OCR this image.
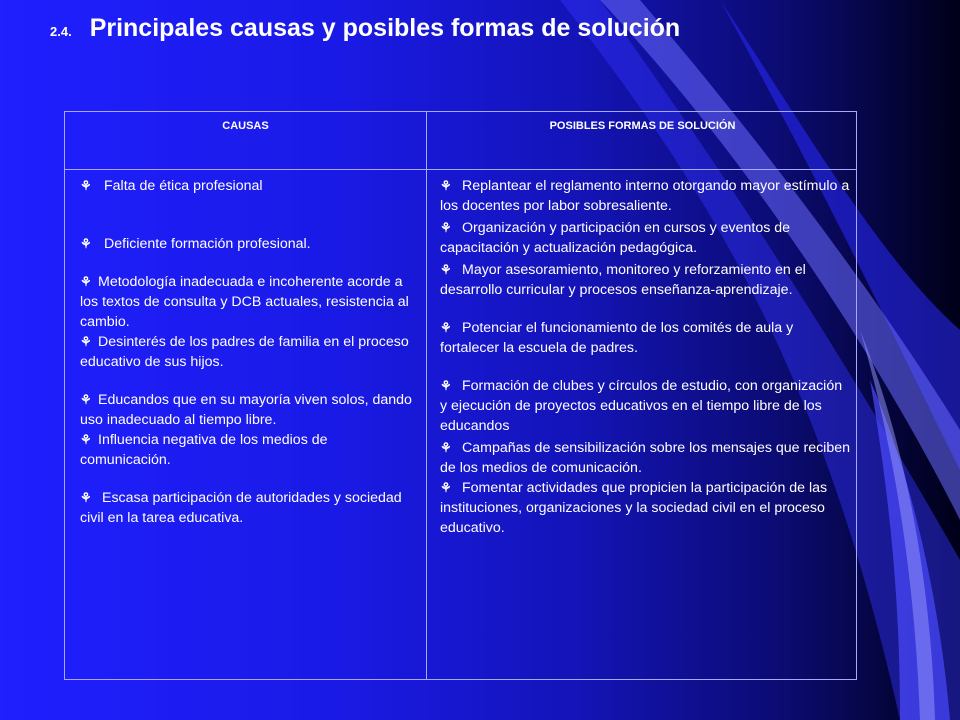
2.4. Principales causas y posibles formas de solución
CAUSAS	POSIBLES FORMAS DE SOLUCIÓN
⚘ Falta de ética profesional
⚘ Deficiente formación profesional.
⚘ Metodología inadecuada e incoherente acorde a los textos de consulta y DCB actuales, resistencia al cambio.
⚘ Desinterés de los padres de familia en el proceso educativo de sus hijos.
⚘ Educandos que en su mayoría viven solos, dando uso inadecuado al tiempo libre.
⚘ Influencia negativa de los medios de comunicación.
⚘ Escasa participación de autoridades y sociedad civil en la tarea educativa.
⚘ Replantear el reglamento interno otorgando mayor estímulo a los docentes por labor sobresaliente.
⚘ Organización y participación en cursos y eventos de capacitación y actualización pedagógica.
⚘ Mayor asesoramiento, monitoreo y reforzamiento en el desarrollo curricular y procesos enseñanza-aprendizaje.
⚘ Potenciar el funcionamiento de los comités de aula y fortalecer la escuela de padres.
⚘ Formación de clubes y círculos de estudio, con organización y ejecución de proyectos educativos en el tiempo libre de los educandos
⚘ Campañas de sensibilización sobre los mensajes que reciben de los medios de comunicación.
⚘ Fomentar actividades que propicien la participación de las instituciones, organizaciones y la sociedad civil en el proceso educativo.
